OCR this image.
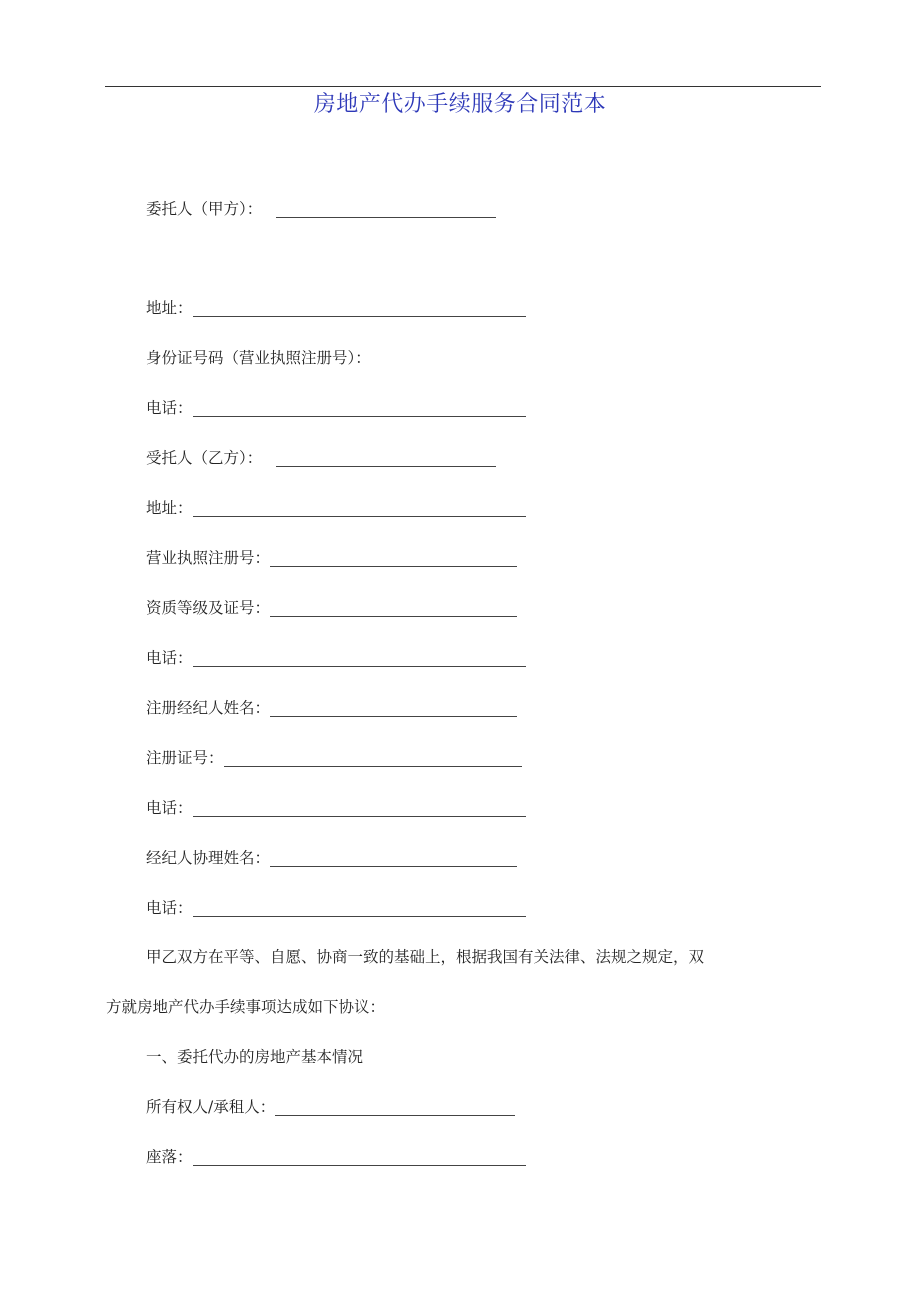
房地产代办手续服务合同范本
委托人（甲方）：
地址：
身份证号码（营业执照注册号）：
电话：
受托人（乙方）：
地址：
营业执照注册号：
资质等级及证号：
电话：
注册经纪人姓名：
注册证号：
电话：
经纪人协理姓名：
电话：
甲乙双方在平等、自愿、协商一致的基础上，根据我国有关法律、法规之规定，双
方就房地产代办手续事项达成如下协议：
一、委托代办的房地产基本情况
所有权人/承租人：
座落：
